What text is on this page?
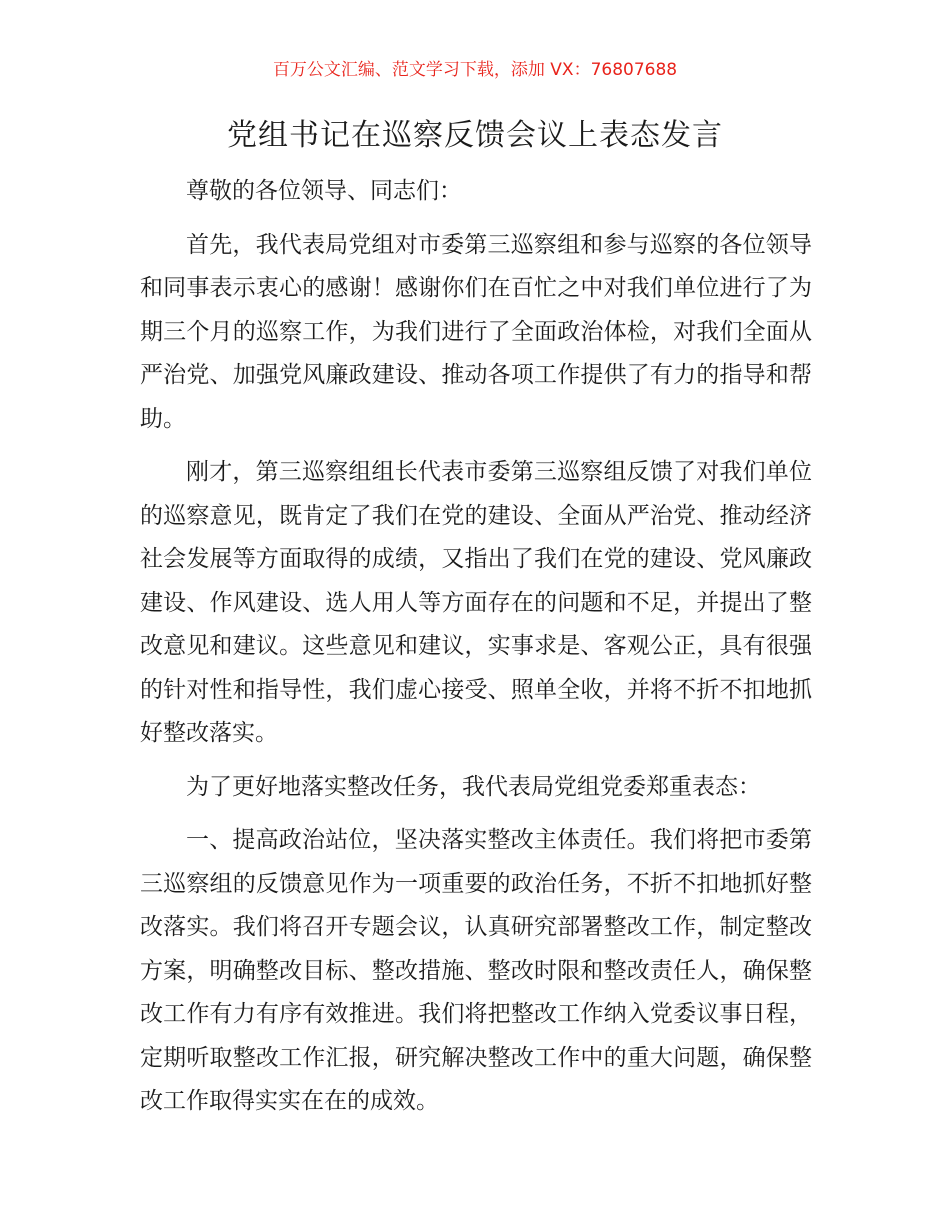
百万公文汇编、范文学习下载，添加 VX：76807688
党组书记在巡察反馈会议上表态发言

尊敬的各位领导、同志们：

首先，我代表局党组对市委第三巡察组和参与巡察的各位领导和同事表示衷心的感谢！感谢你们在百忙之中对我们单位进行了为期三个月的巡察工作，为我们进行了全面政治体检，对我们全面从严治党、加强党风廉政建设、推动各项工作提供了有力的指导和帮助。

刚才，第三巡察组组长代表市委第三巡察组反馈了对我们单位的巡察意见，既肯定了我们在党的建设、全面从严治党、推动经济社会发展等方面取得的成绩，又指出了我们在党的建设、党风廉政建设、作风建设、选人用人等方面存在的问题和不足，并提出了整改意见和建议。这些意见和建议，实事求是、客观公正，具有很强的针对性和指导性，我们虚心接受、照单全收，并将不折不扣地抓好整改落实。

为了更好地落实整改任务，我代表局党组党委郑重表态：

一、提高政治站位，坚决落实整改主体责任。我们将把市委第三巡察组的反馈意见作为一项重要的政治任务，不折不扣地抓好整改落实。我们将召开专题会议，认真研究部署整改工作，制定整改方案，明确整改目标、整改措施、整改时限和整改责任人，确保整改工作有力有序有效推进。我们将把整改工作纳入党委议事日程，定期听取整改工作汇报，研究解决整改工作中的重大问题，确保整改工作取得实实在在的成效。
